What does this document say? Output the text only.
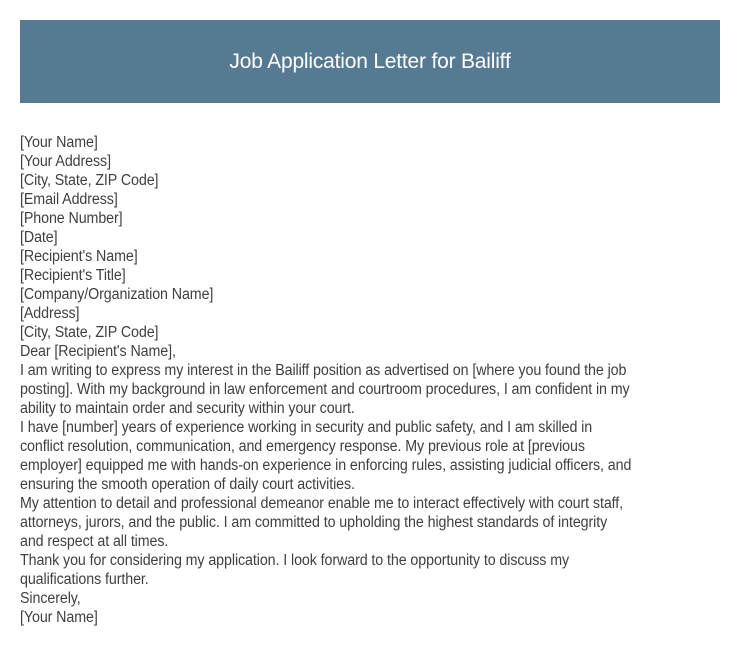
Job Application Letter for Bailiff
[Your Name]
[Your Address]
[City, State, ZIP Code]
[Email Address]
[Phone Number]
[Date]
[Recipient's Name]
[Recipient's Title]
[Company/Organization Name]
[Address]
[City, State, ZIP Code]
Dear [Recipient's Name],
I am writing to express my interest in the Bailiff position as advertised on [where you found the job
posting]. With my background in law enforcement and courtroom procedures, I am confident in my
ability to maintain order and security within your court.
I have [number] years of experience working in security and public safety, and I am skilled in
conflict resolution, communication, and emergency response. My previous role at [previous
employer] equipped me with hands-on experience in enforcing rules, assisting judicial officers, and
ensuring the smooth operation of daily court activities.
My attention to detail and professional demeanor enable me to interact effectively with court staff,
attorneys, jurors, and the public. I am committed to upholding the highest standards of integrity
and respect at all times.
Thank you for considering my application. I look forward to the opportunity to discuss my
qualifications further.
Sincerely,
[Your Name]
